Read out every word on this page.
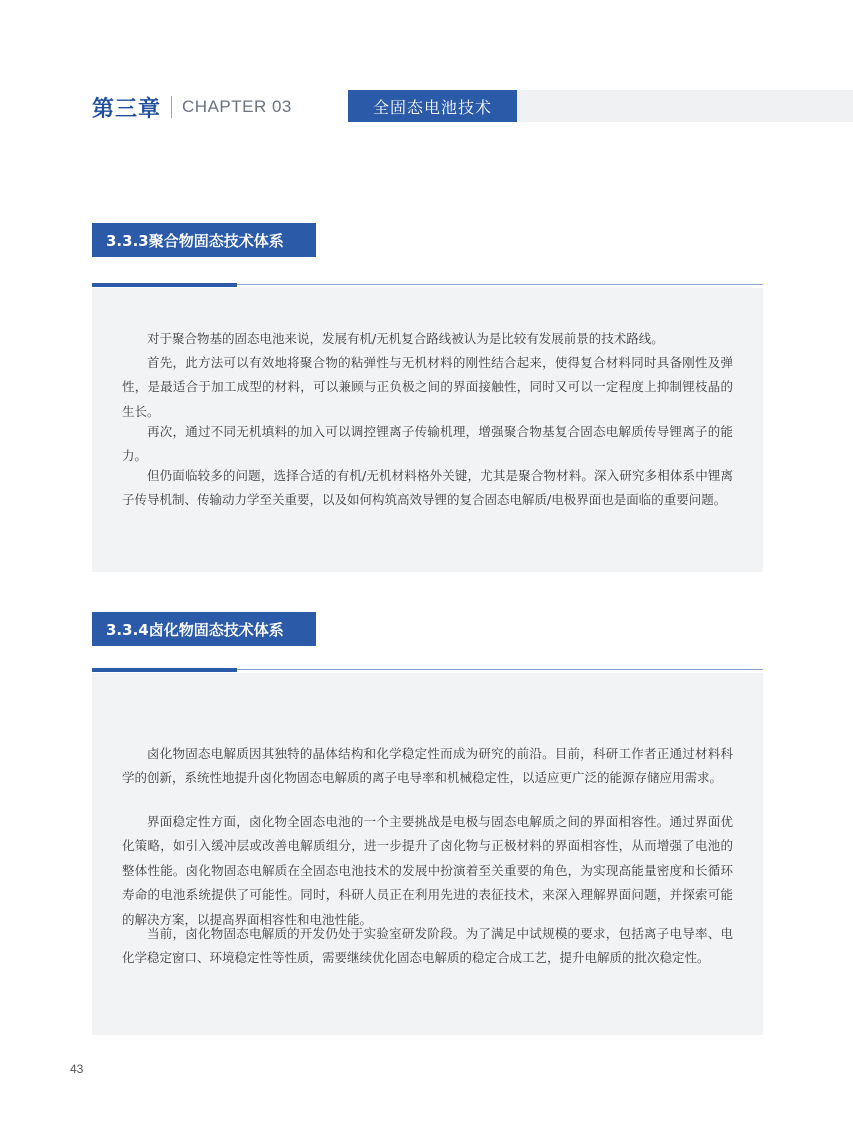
第三章 CHAPTER 03	全固态电池技术
3.3.3聚合物固态技术体系

对于聚合物基的固态电池来说，发展有机/无机复合路线被认为是比较有发展前景的技术路线。

首先，此方法可以有效地将聚合物的粘弹性与无机材料的刚性结合起来，使得复合材料同时具备刚性及弹性，是最适合于加工成型的材料，可以兼顾与正负极之间的界面接触性，同时又可以一定程度上抑制锂枝晶的生长。

再次，通过不同无机填料的加入可以调控锂离子传输机理，增强聚合物基复合固态电解质传导锂离子的能力。

但仍面临较多的问题，选择合适的有机/无机材料格外关键，尤其是聚合物材料。深入研究多相体系中锂离子传导机制、传输动力学至关重要，以及如何构筑高效导锂的复合固态电解质/电极界面也是面临的重要问题。

3.3.4卤化物固态技术体系

卤化物固态电解质因其独特的晶体结构和化学稳定性而成为研究的前沿。目前，科研工作者正通过材料科学的创新，系统性地提升卤化物固态电解质的离子电导率和机械稳定性，以适应更广泛的能源存储应用需求。

界面稳定性方面，卤化物全固态电池的一个主要挑战是电极与固态电解质之间的界面相容性。通过界面优化策略，如引入缓冲层或改善电解质组分，进一步提升了卤化物与正极材料的界面相容性，从而增强了电池的整体性能。卤化物固态电解质在全固态电池技术的发展中扮演着至关重要的角色，为实现高能量密度和长循环寿命的电池系统提供了可能性。同时，科研人员正在利用先进的表征技术，来深入理解界面问题，并探索可能的解决方案，以提高界面相容性和电池性能。

当前，卤化物固态电解质的开发仍处于实验室研发阶段。为了满足中试规模的要求，包括离子电导率、电化学稳定窗口、环境稳定性等性质，需要继续优化固态电解质的稳定合成工艺，提升电解质的批次稳定性。

43
